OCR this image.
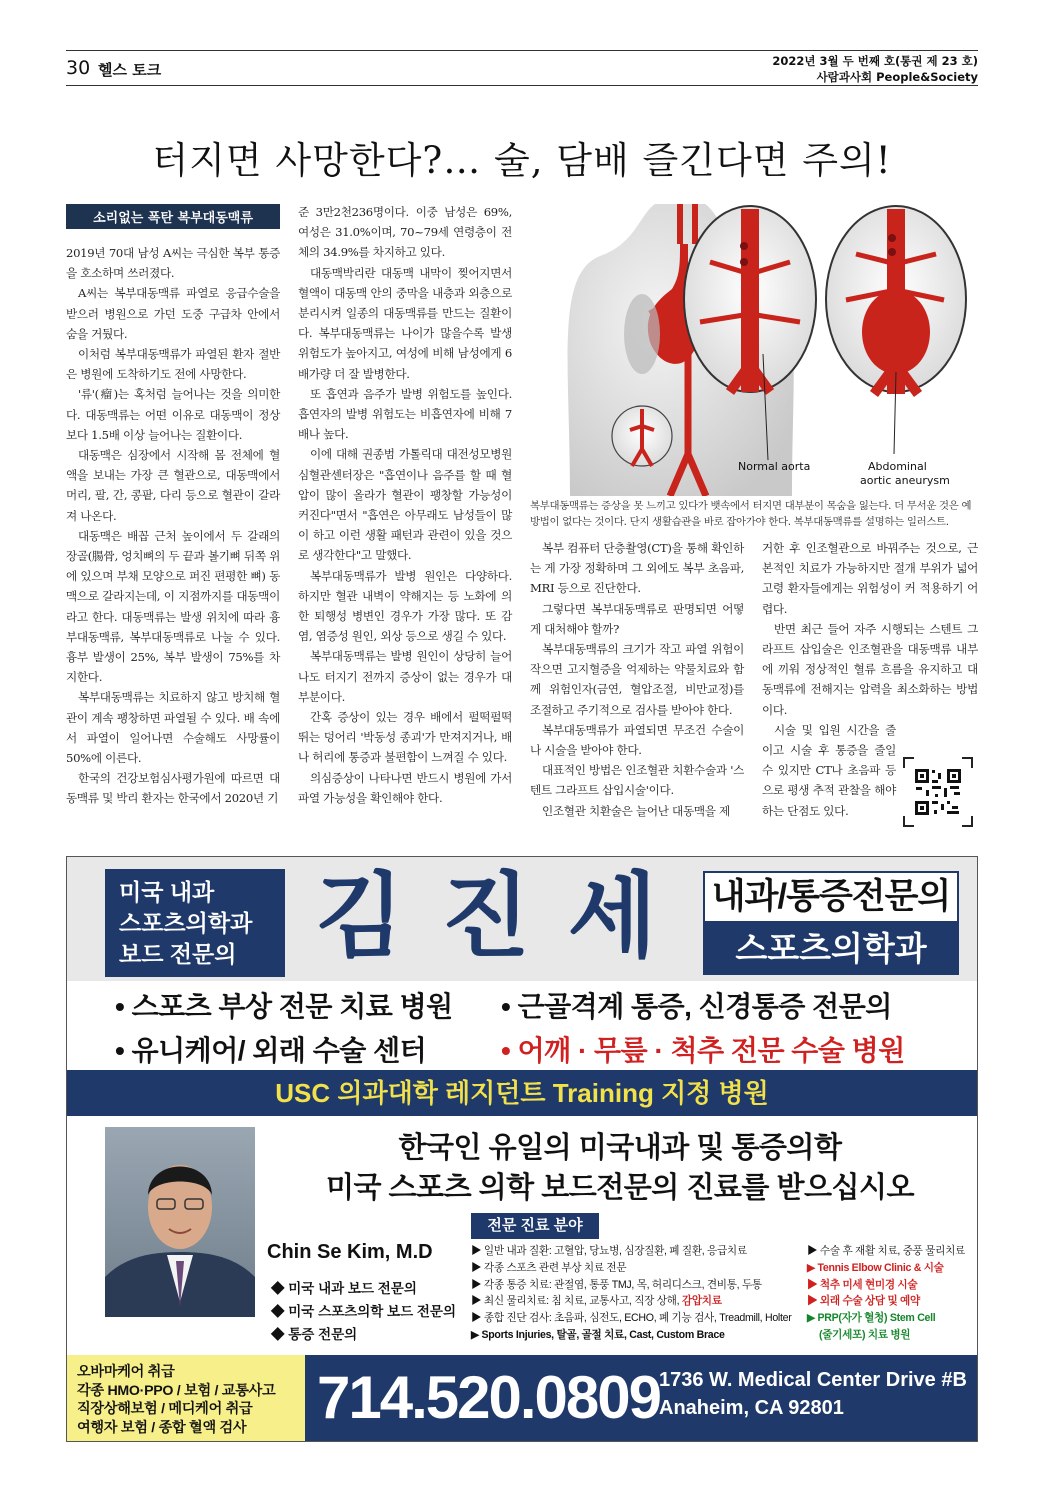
30 헬스 토크	2022년 3월 두 번째 호(통권 제 23 호)
사람과사회 People&Society
터지면 사망한다?… 술, 담배 즐긴다면 주의!
소리없는 폭탄 복부대동맥류

2019년 70대 남성 A씨는 극심한 복부 통증을 호소하며 쓰러졌다.

A씨는 복부대동맥류 파열로 응급수술을 받으러 병원으로 가던 도중 구급차 안에서 숨을 거뒀다.

이처럼 복부대동맥류가 파열된 환자 절반은 병원에 도착하기도 전에 사망한다.

'류'(瘤)는 혹처럼 늘어나는 것을 의미한다. 대동맥류는 어떤 이유로 대동맥이 정상보다 1.5배 이상 늘어나는 질환이다.

대동맥은 심장에서 시작해 몸 전체에 혈액을 보내는 가장 큰 혈관으로, 대동맥에서 머리, 팔, 간, 콩팥, 다리 등으로 혈관이 갈라져 나온다.

대동맥은 배꼽 근처 높이에서 두 갈래의 장골(腸骨, 엉치뼈의 두 끝과 볼기뼈 뒤쪽 위에 있으며 부채 모양으로 퍼진 편평한 뼈) 동맥으로 갈라지는데, 이 지점까지를 대동맥이라고 한다. 대동맥류는 발생 위치에 따라 흉부대동맥류, 복부대동맥류로 나눌 수 있다. 흉부 발생이 25%, 복부 발생이 75%를 차지한다.

복부대동맥류는 치료하지 않고 방치해 혈관이 계속 팽창하면 파열될 수 있다. 배 속에서 파열이 일어나면 수술해도 사망률이 50%에 이른다.

한국의 건강보험심사평가원에 따르면 대동맥류 및 박리 환자는 한국에서 2020년 기

준 3만2천236명이다. 이중 남성은 69%, 여성은 31.0%이며, 70~79세 연령층이 전체의 34.9%를 차지하고 있다.

대동맥박리란 대동맥 내막이 찢어지면서 혈액이 대동맥 안의 중막을 내층과 외층으로 분리시켜 일종의 대동맥류를 만드는 질환이다. 복부대동맥류는 나이가 많을수록 발생 위험도가 높아지고, 여성에 비해 남성에게 6배가량 더 잘 발병한다.

또 흡연과 음주가 발병 위험도를 높인다. 흡연자의 발병 위험도는 비흡연자에 비해 7배나 높다.

이에 대해 권종범 가톨릭대 대전성모병원 심혈관센터장은 "흡연이나 음주를 할 때 혈압이 많이 올라가 혈관이 팽창할 가능성이 커진다"면서 "흡연은 아무래도 남성들이 많이 하고 이런 생활 패턴과 관련이 있을 것으로 생각한다"고 말했다.

복부대동맥류가 발병 원인은 다양하다. 하지만 혈관 내벽이 약해지는 등 노화에 의한 퇴행성 병변인 경우가 가장 많다. 또 감염, 염증성 원인, 외상 등으로 생길 수 있다.

복부대동맥류는 발병 원인이 상당히 늘어나도 터지기 전까지 증상이 없는 경우가 대부분이다.

간혹 증상이 있는 경우 배에서 펄떡펄떡 뛰는 덩어리 '박동성 종괴'가 만져지거나, 배나 허리에 통증과 불편함이 느껴질 수 있다.

의심증상이 나타나면 반드시 병원에 가서 파열 가능성을 확인해야 한다.

Normal aorta	Abdominal
aortic aneurysm
복부대동맥류는 증상을 못 느끼고 있다가 뱃속에서 터지면 대부분이 목숨을 잃는다. 더 무서운 것은 예방법이 없다는 것이다. 단지 생활습관을 바로 잡아가야 한다. 복부대동맥류를 설명하는 일러스트.

복부 컴퓨터 단층촬영(CT)을 통해 확인하는 게 가장 정확하며 그 외에도 복부 초음파, MRI 등으로 진단한다.

그렇다면 복부대동맥류로 판명되면 어떻게 대처해야 할까?

복부대동맥류의 크기가 작고 파열 위험이 작으면 고지혈증을 억제하는 약물치료와 함께 위험인자(금연, 혈압조절, 비만교정)를 조절하고 주기적으로 검사를 받아야 한다.

복부대동맥류가 파열되면 무조건 수술이나 시술을 받아야 한다.

대표적인 방법은 인조혈관 치환수술과 '스텐트 그라프트 삽입시술'이다.

인조혈관 치환술은 늘어난 대동맥을 제

거한 후 인조혈관으로 바꿔주는 것으로, 근본적인 치료가 가능하지만 절개 부위가 넓어 고령 환자들에게는 위험성이 커 적용하기 어렵다.

반면 최근 들어 자주 시행되는 스텐트 그라프트 삽입술은 인조혈관을 대동맥류 내부에 끼워 정상적인 혈류 흐름을 유지하고 대동맥류에 전해지는 압력을 최소화하는 방법이다.

시술 및 입원 시간을 줄이고 시술 후 통증을 줄일 수 있지만 CT나 초음파 등으로 평생 추적 관찰을 해야 하는 단점도 있다.

미국 내과
스포츠의학과
보드 전문의 김 진 세 내과/통증전문의
스포츠의학과
• 스포츠 부상 전문 치료 병원
• 유니케어/ 외래 수술 센터
• 근골격계 통증, 신경통증 전문의
• 어깨 · 무릎 · 척추 전문 수술 병원
USC 의과대학 레지던트 Training 지정 병원
Chin Se Kim, M.D
◆ 미국 내과 보드 전문의
◆ 미국 스포츠의학 보드 전문의
◆ 통증 전문의
한국인 유일의 미국내과 및 통증의학
미국 스포츠 의학 보드전문의 진료를 받으십시오
전문 진료 분야
▶ 일반 내과 질환: 고혈압, 당뇨병, 심장질환, 폐 질환, 응급치료
▶ 각종 스포츠 관련 부상 치료 전문
▶ 각종 통증 치료: 관절염, 통풍 TMJ, 목, 허리디스크, 견비통, 두통
▶ 최신 물리치료: 침 치료, 교통사고, 직장 상해, 감압치료
▶ 종합 진단 검사: 초음파, 심전도, ECHO, 폐 기능 검사, Treadmill, Holter
▶ Sports Injuries, 탈골, 골절 치료, Cast, Custom Brace
▶ 수술 후 재활 치료, 중풍 물리치료
▶ Tennis Elbow Clinic & 시술
▶ 척추 미세 현미경 시술
▶ 외래 수술 상담 및 예약
▶ PRP(자가 혈청) Stem Cell
(줄기세포) 치료 병원
오바마케어 취급
각종 HMO·PPO / 보험 / 교통사고
직장상해보험 / 메디케어 취급
여행자 보험 / 종합 혈액 검사	714.520.0809
1736 W. Medical Center Drive #B
Anaheim, CA 92801
